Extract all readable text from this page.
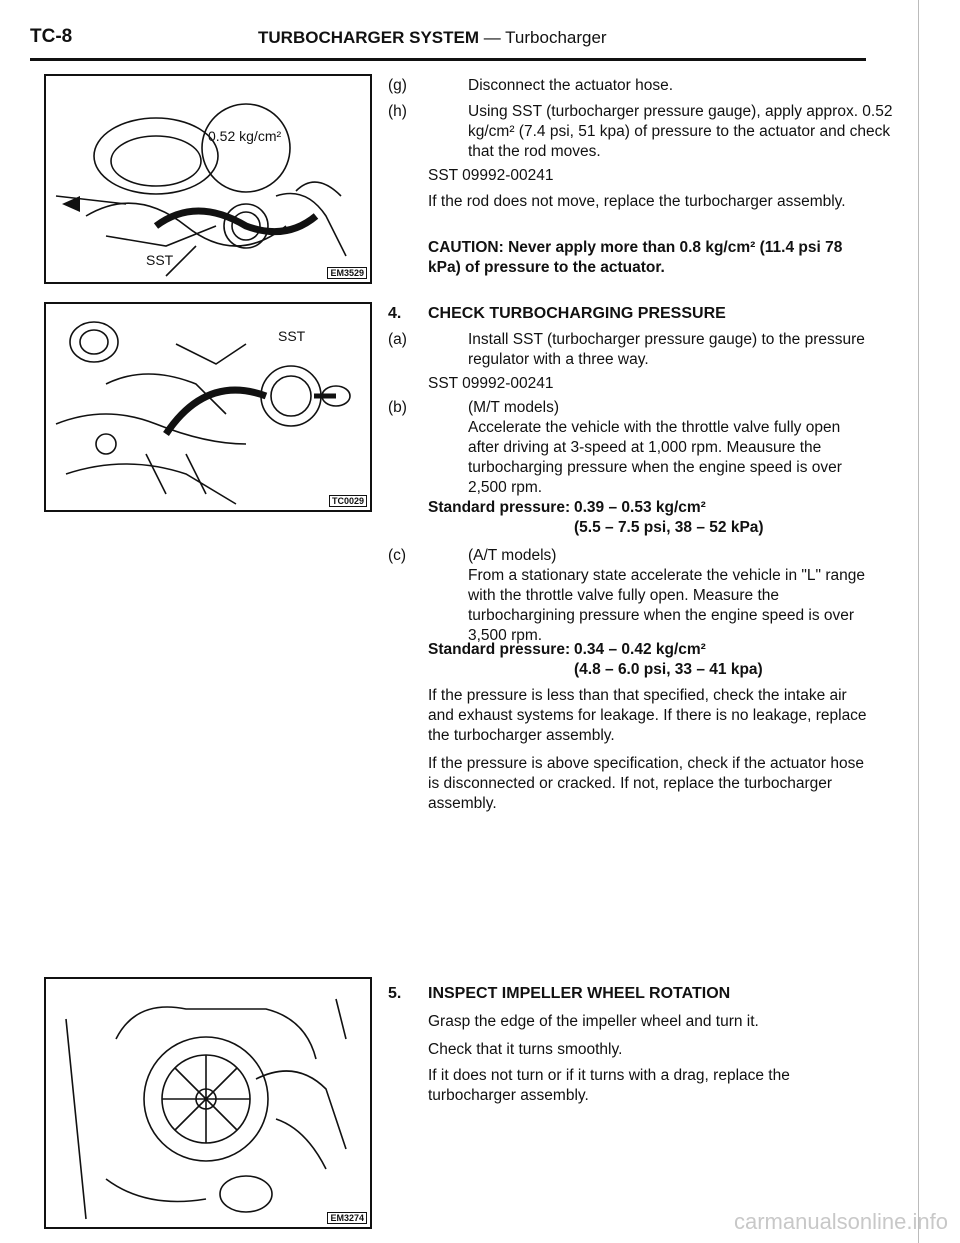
TC-8	TURBOCHARGER SYSTEM — Turbocharger
0.52 kg/cm²
SST
EM3529
SST
TC0029
EM3274
(g)	Disconnect the actuator hose.
(h)	Using SST (turbocharger pressure gauge), apply approx. 0.52 kg/cm² (7.4 psi, 51 kpa) of pressure to the actuator and check that the rod moves.
SST 09992-00241
If the rod does not move, replace the turbocharger assembly.
CAUTION: Never apply more than 0.8 kg/cm² (11.4 psi 78 kPa) of pressure to the actuator.
4. CHECK TURBOCHARGING PRESSURE
(a)	Install SST (turbocharger pressure gauge) to the pressure regulator with a three way.
SST 09992-00241
(b)	(M/T models)
Accelerate the vehicle with the throttle valve fully open after driving at 3-speed at 1,000 rpm. Meausure the turbocharging pressure when the engine speed is over 2,500 rpm.
Standard pressure: 0.39 – 0.53 kg/cm²
(5.5 – 7.5 psi, 38 – 52 kPa)
(c)	(A/T models)
From a stationary state accelerate the vehicle in "L" range with the throttle valve fully open. Measure the turbochargining pressure when the engine speed is over 3,500 rpm.
Standard pressure: 0.34 – 0.42 kg/cm²
(4.8 – 6.0 psi, 33 – 41 kpa)
If the pressure is less than that specified, check the intake air and exhaust systems for leakage. If there is no leakage, replace the turbocharger assembly.
If the pressure is above specification, check if the actuator hose is disconnected or cracked. If not, replace the turbocharger assembly.
5. INSPECT IMPELLER WHEEL ROTATION
Grasp the edge of the impeller wheel and turn it.
Check that it turns smoothly.
If it does not turn or if it turns with a drag, replace the turbocharger assembly.
carmanualsonline.info
